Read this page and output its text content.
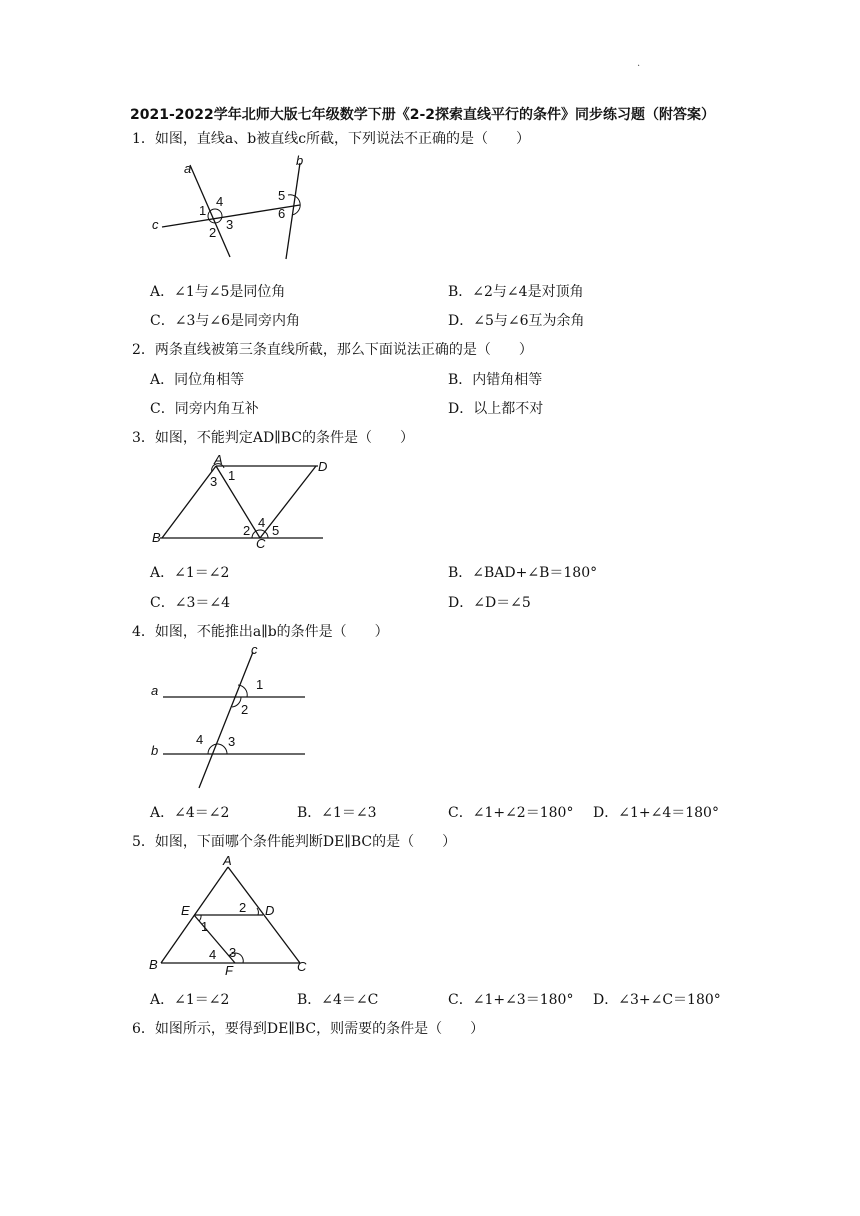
.
2021-2022学年北师大版七年级数学下册《2-2探索直线平行的条件》同步练习题（附答案）
1．如图，直线a、b被直线c所截，下列说法不正确的是（　　）
a
b
c
1
2
3
4	5
6
A．∠1与∠5是同位角	B．∠2与∠4是对顶角
C．∠3与∠6是同旁内角	D．∠5与∠6互为余角
2．两条直线被第三条直线所截，那么下面说法正确的是（　　）
A．同位角相等	B．内错角相等
C．同旁内角互补	D．以上都不对
3．如图，不能判定AD∥BC的条件是（　　）
A	D
B	C
1
2
3
4
5
A．∠1＝∠2	B．∠BAD+∠B＝180°
C．∠3＝∠4	D．∠D＝∠5
4．如图，不能推出a∥b的条件是（　　）
c
a
b
1
2
3
4
A．∠4＝∠2	B．∠1＝∠3	C．∠1+∠2＝180° D．∠1+∠4＝180°
5．如图，下面哪个条件能判断DE∥BC的是（　　）
A
E	D
B	F	C
1
2
3
4
A．∠1＝∠2	B．∠4＝∠C	C．∠1+∠3＝180° D．∠3+∠C＝180°
6．如图所示，要得到DE∥BC，则需要的条件是（　　）
